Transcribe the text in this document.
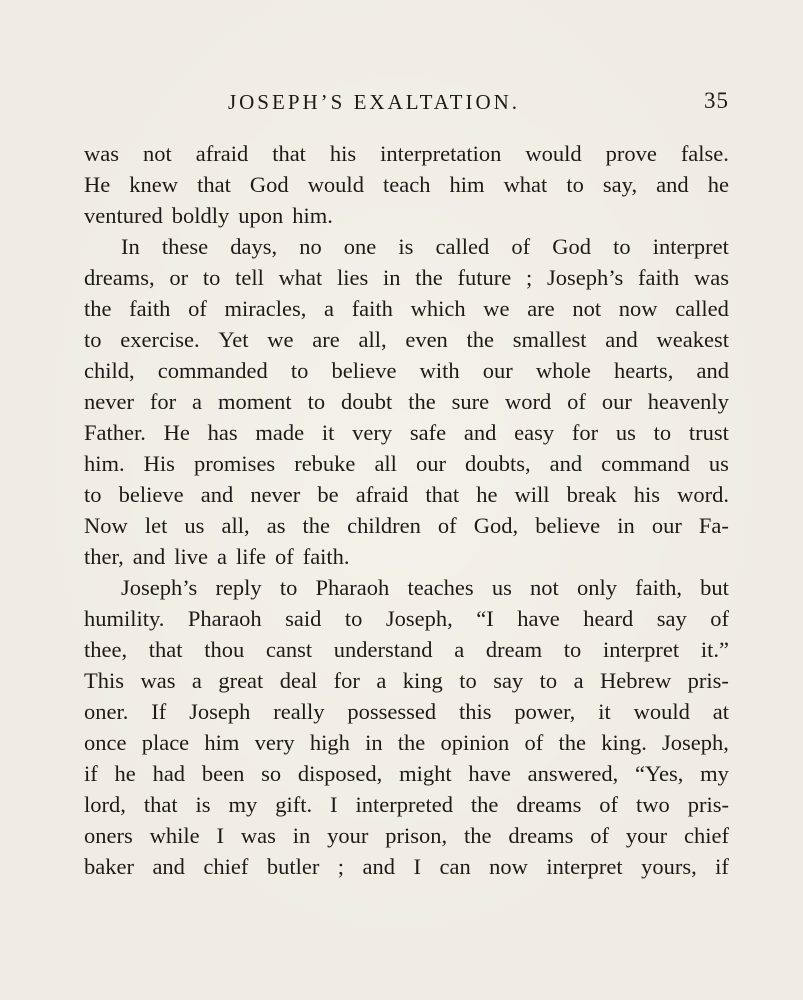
JOSEPH’S EXALTATION.	35
was not afraid that his interpretation would prove false.
He knew that God would teach him what to say, and he
ventured boldly upon him.
In these days, no one is called of God to interpret
dreams, or to tell what lies in the future ; Joseph’s faith was
the faith of miracles, a faith which we are not now called
to exercise. Yet we are all, even the smallest and weakest
child, commanded to believe with our whole hearts, and
never for a moment to doubt the sure word of our heavenly
Father. He has made it very safe and easy for us to trust
him. His promises rebuke all our doubts, and command us
to believe and never be afraid that he will break his word.
Now let us all, as the children of God, believe in our Fa-
ther, and live a life of faith.
Joseph’s reply to Pharaoh teaches us not only faith, but
humility. Pharaoh said to Joseph, “I have heard say of
thee, that thou canst understand a dream to interpret it.”
This was a great deal for a king to say to a Hebrew pris-
oner. If Joseph really possessed this power, it would at
once place him very high in the opinion of the king. Joseph,
if he had been so disposed, might have answered, “Yes, my
lord, that is my gift. I interpreted the dreams of two pris-
oners while I was in your prison, the dreams of your chief
baker and chief butler ; and I can now interpret yours, if
